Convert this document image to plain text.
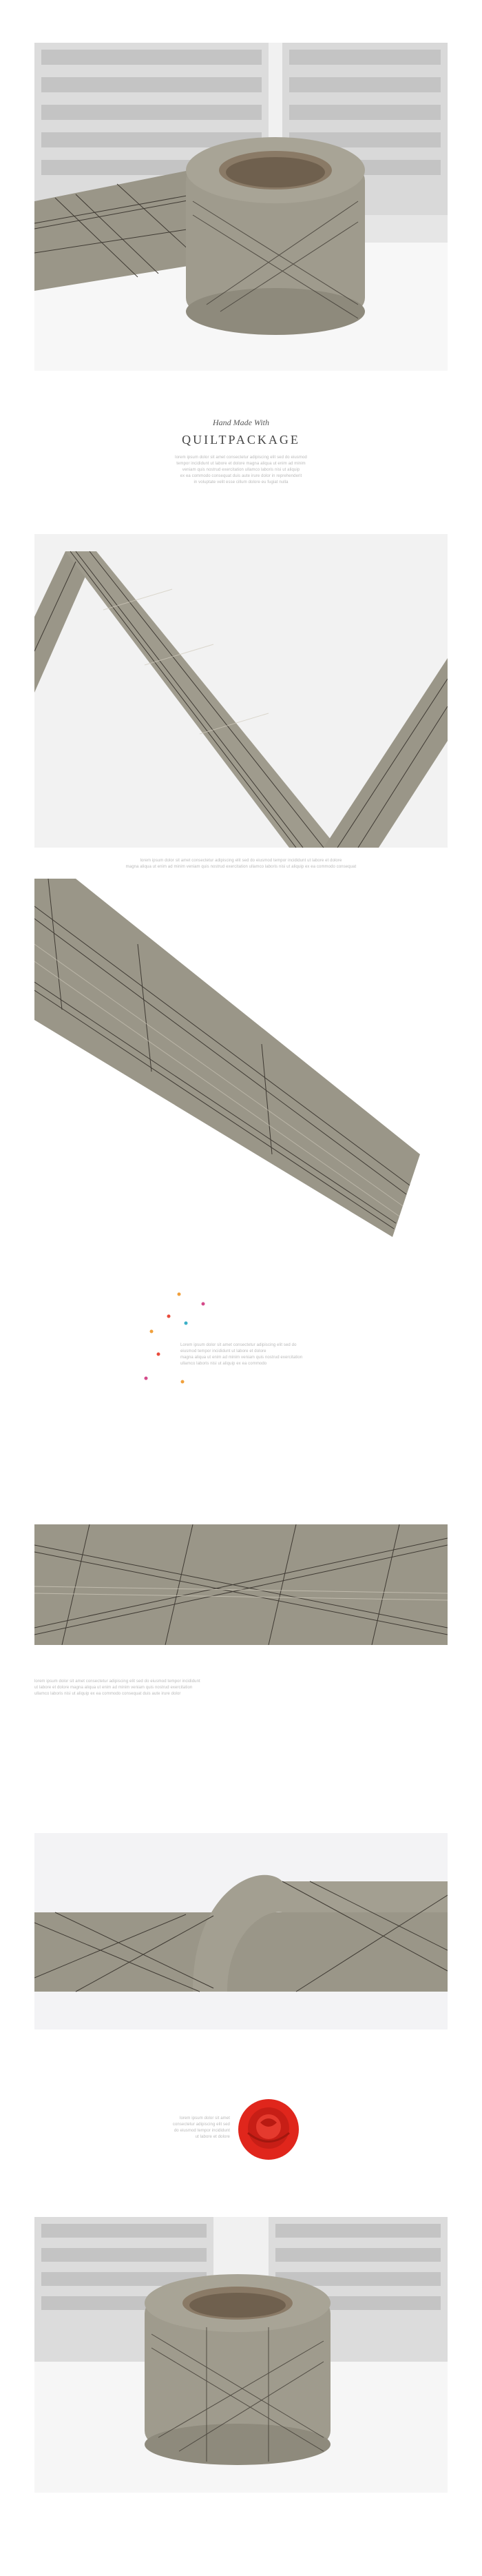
Hand Made With
QUILTPACKAGE
lorem ipsum dolor sit amet consectetur adipiscing elit sed do eiusmod
tempor incididunt ut labore et dolore magna aliqua ut enim ad minim
veniam quis nostrud exercitation ullamco laboris nisi ut aliquip
ex ea commodo consequat duis aute irure dolor in reprehenderit
in voluptate velit esse cillum dolore eu fugiat nulla
lorem ipsum dolor sit amet consectetur adipiscing elit sed do eiusmod tempor incididunt ut labore et dolore
magna aliqua ut enim ad minim veniam quis nostrud exercitation ullamco laboris nisi ut aliquip ex ea commodo consequat
Lorem ipsum dolor sit amet consectetur adipiscing elit sed do
eiusmod tempor incididunt ut labore et dolore
magna aliqua ut enim ad minim veniam quis nostrud exercitation
ullamco laboris nisi ut aliquip ex ea commodo
lorem ipsum dolor sit amet consectetur adipiscing elit sed do eiusmod tempor incididunt
ut labore et dolore magna aliqua ut enim ad minim veniam quis nostrud exercitation
ullamco laboris nisi ut aliquip ex ea commodo consequat duis aute irure dolor
lorem ipsum dolor sit amet
consectetur adipiscing elit sed
do eiusmod tempor incididunt
ut labore et dolore
